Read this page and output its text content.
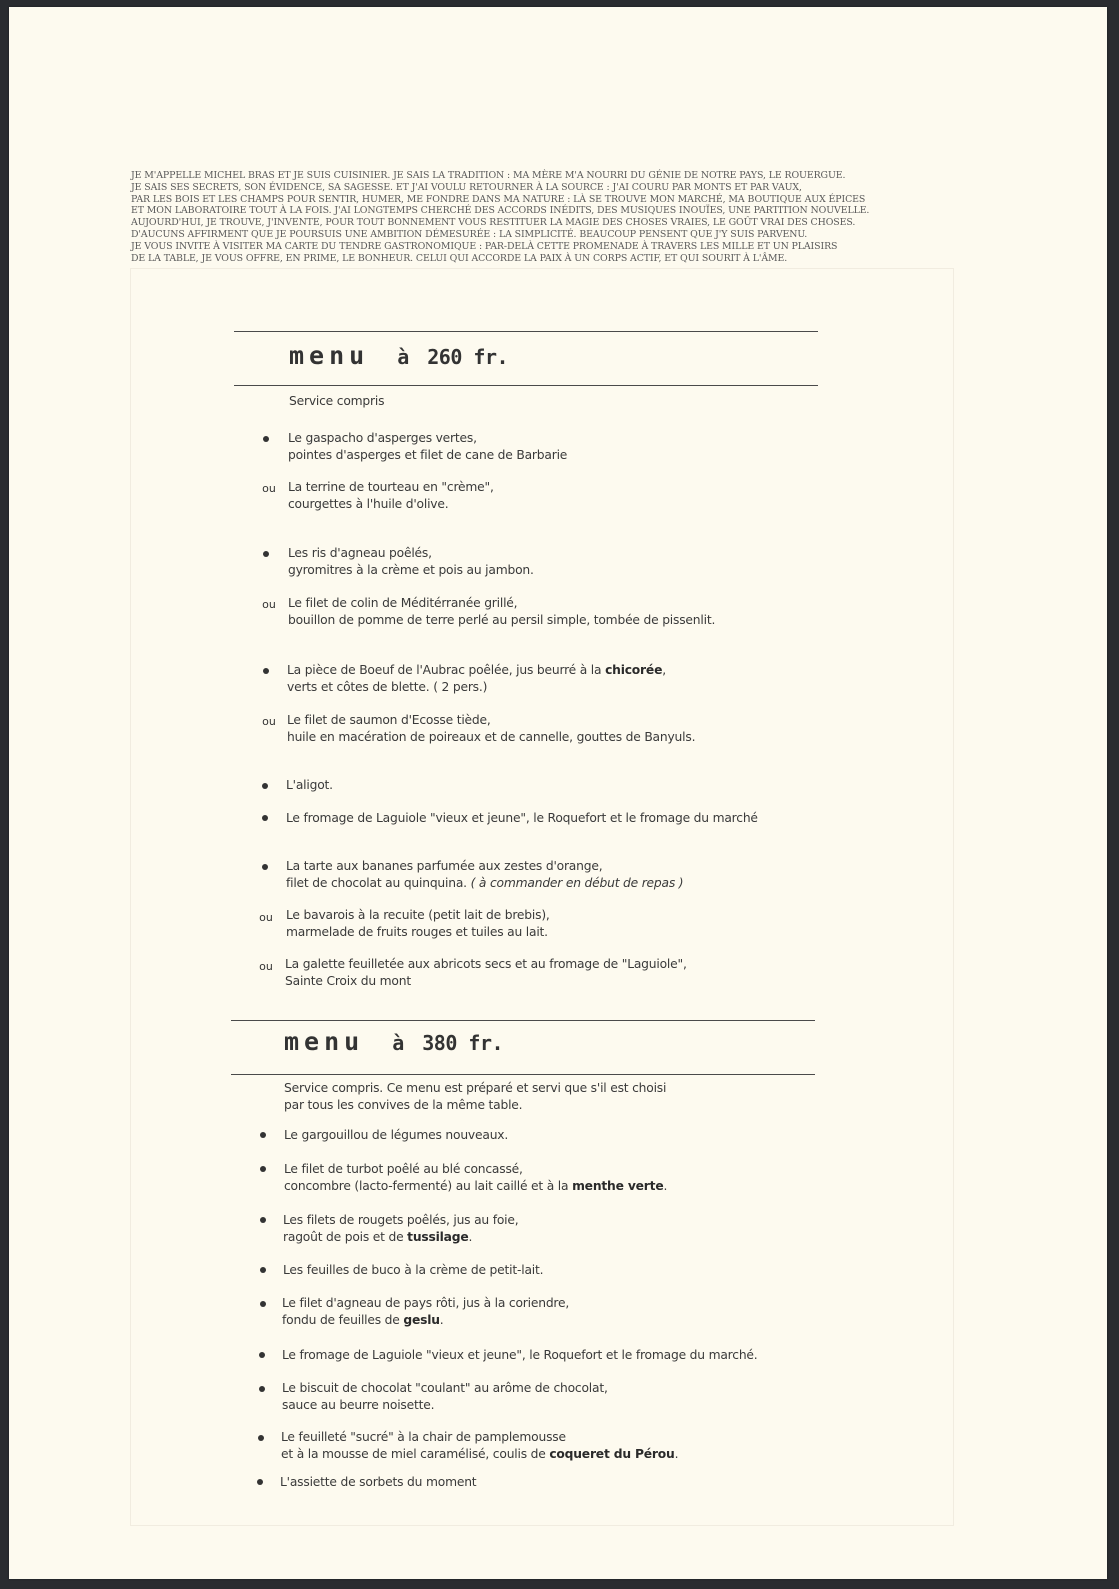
JE M'APPELLE MICHEL BRAS ET JE SUIS CUISINIER. JE SAIS LA TRADITION : MA MÈRE M'A NOURRI DU GÉNIE DE NOTRE PAYS, LE ROUERGUE.
JE SAIS SES SECRETS, SON ÉVIDENCE, SA SAGESSE. ET J'AI VOULU RETOURNER À LA SOURCE : J'AI COURU PAR MONTS ET PAR VAUX,
PAR LES BOIS ET LES CHAMPS POUR SENTIR, HUMER, ME FONDRE DANS MA NATURE : LÀ SE TROUVE MON MARCHÉ, MA BOUTIQUE AUX ÉPICES
ET MON LABORATOIRE TOUT À LA FOIS. J'AI LONGTEMPS CHERCHÉ DES ACCORDS INÉDITS, DES MUSIQUES INOUÏES, UNE PARTITION NOUVELLE.
AUJOURD'HUI, JE TROUVE, J'INVENTE, POUR TOUT BONNEMENT VOUS RESTITUER LA MAGIE DES CHOSES VRAIES, LE GOÛT VRAI DES CHOSES.
D'AUCUNS AFFIRMENT QUE JE POURSUIS UNE AMBITION DÉMESURÉE : LA SIMPLICITÉ. BEAUCOUP PENSENT QUE J'Y SUIS PARVENU.
JE VOUS INVITE À VISITER MA CARTE DU TENDRE GASTRONOMIQUE : PAR-DELÀ CETTE PROMENADE À TRAVERS LES MILLE ET UN PLAISIRS
DE LA TABLE, JE VOUS OFFRE, EN PRIME, LE BONHEUR. CELUI QUI ACCORDE LA PAIX À UN CORPS ACTIF, ET QUI SOURIT À L'ÂME.
menu à 260 fr.
Service compris
Le gaspacho d'asperges vertes,
pointes d'asperges et filet de cane de Barbarie
ou La terrine de tourteau en "crème",
courgettes à l'huile d'olive.
Les ris d'agneau poêlés,
gyromitres à la crème et pois au jambon.
ou Le filet de colin de Méditérranée grillé,
bouillon de pomme de terre perlé au persil simple, tombée de pissenlit.
La pièce de Boeuf de l'Aubrac poêlée, jus beurré à la chicorée,
verts et côtes de blette. ( 2 pers.)
ou Le filet de saumon d'Ecosse tiède,
huile en macération de poireaux et de cannelle, gouttes de Banyuls.
L'aligot.
Le fromage de Laguiole "vieux et jeune", le Roquefort et le fromage du marché
La tarte aux bananes parfumée aux zestes d'orange,
filet de chocolat au quinquina. ( à commander en début de repas )
ou Le bavarois à la recuite (petit lait de brebis),
marmelade de fruits rouges et tuiles au lait.
ou La galette feuilletée aux abricots secs et au fromage de "Laguiole",
Sainte Croix du mont
menu à 380 fr.
Service compris. Ce menu est préparé et servi que s'il est choisi
par tous les convives de la même table.
Le gargouillou de légumes nouveaux.
Le filet de turbot poêlé au blé concassé,
concombre (lacto-fermenté) au lait caillé et à la menthe verte.
Les filets de rougets poêlés, jus au foie,
ragoût de pois et de tussilage.
Les feuilles de buco à la crème de petit-lait.
Le filet d'agneau de pays rôti, jus à la coriendre,
fondu de feuilles de geslu.
Le fromage de Laguiole "vieux et jeune", le Roquefort et le fromage du marché.
Le biscuit de chocolat "coulant" au arôme de chocolat,
sauce au beurre noisette.
Le feuilleté "sucré" à la chair de pamplemousse
et à la mousse de miel caramélisé, coulis de coqueret du Pérou.
L'assiette de sorbets du moment
